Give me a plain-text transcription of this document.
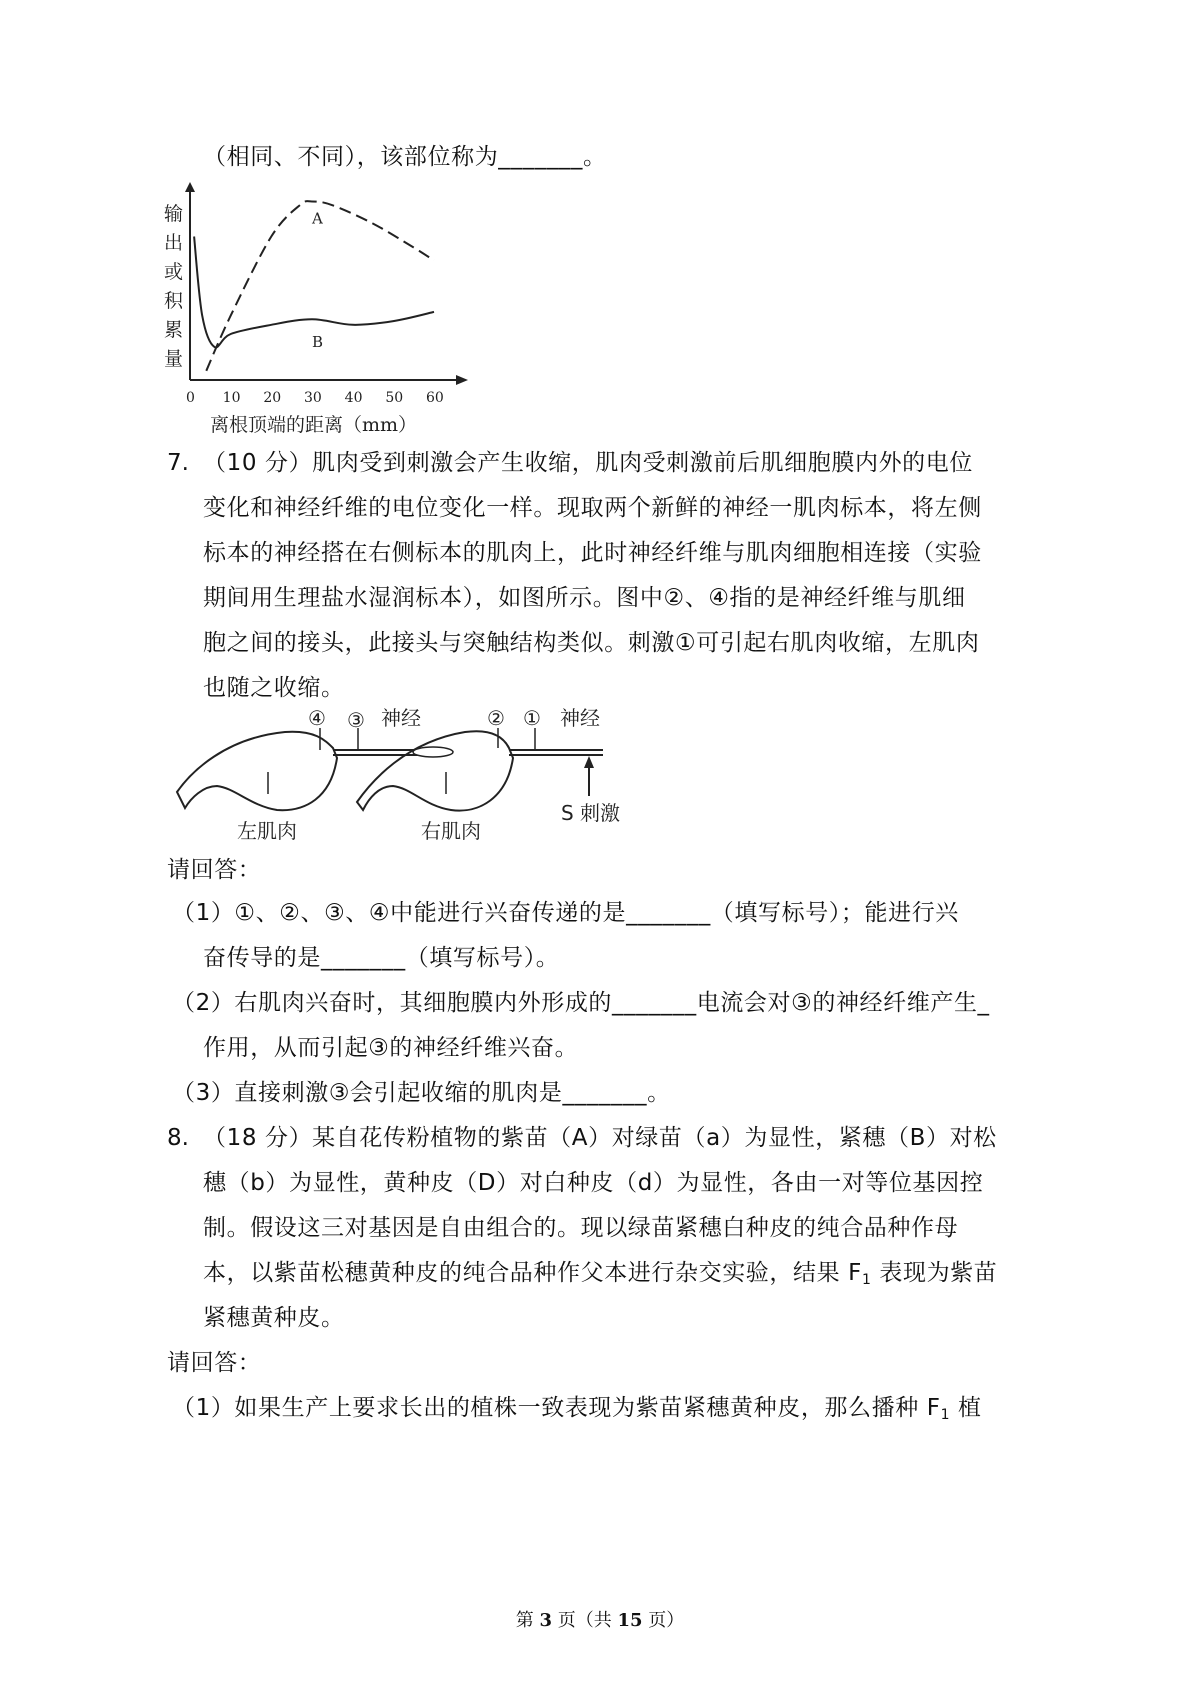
（相同、不同），该部位称为_______。
输
出
或
积
累
量
0 10 20 30 40 50 60
A
B
离根顶端的距离（mm）
7. （10 分）肌肉受到刺激会产生收缩，肌肉受刺激前后肌细胞膜内外的电位
变化和神经纤维的电位变化一样。现取两个新鲜的神经一肌肉标本，将左侧
标本的神经搭在右侧标本的肌肉上，此时神经纤维与肌肉细胞相连接（实验
期间用生理盐水湿润标本），如图所示。图中②、④指的是神经纤维与肌细
胞之间的接头，此接头与突触结构类似。刺激①可引起右肌肉收缩，左肌肉
也随之收缩。
④ ③ 神经	② ① 神经
左肌肉	右肌肉
S 刺激
请回答：
（1）①、②、③、④中能进行兴奋传递的是_______（填写标号）；能进行兴
奋传导的是_______（填写标号）。
（2）右肌肉兴奋时，其细胞膜内外形成的_______电流会对③的神经纤维产生_
作用，从而引起③的神经纤维兴奋。
（3）直接刺激③会引起收缩的肌肉是_______。
8. （18 分）某自花传粉植物的紫苗（A）对绿苗（a）为显性，紧穗（B）对松
穗（b）为显性，黄种皮（D）对白种皮（d）为显性，各由一对等位基因控
制。假设这三对基因是自由组合的。现以绿苗紧穗白种皮的纯合品种作母
本，以紫苗松穗黄种皮的纯合品种作父本进行杂交实验，结果 $F_1$ 表现为紫苗
紧穗黄种皮。
请回答：
（1）如果生产上要求长出的植株一致表现为紫苗紧穗黄种皮，那么播种 $F_1$ 植
第 3 页（共 15 页）
